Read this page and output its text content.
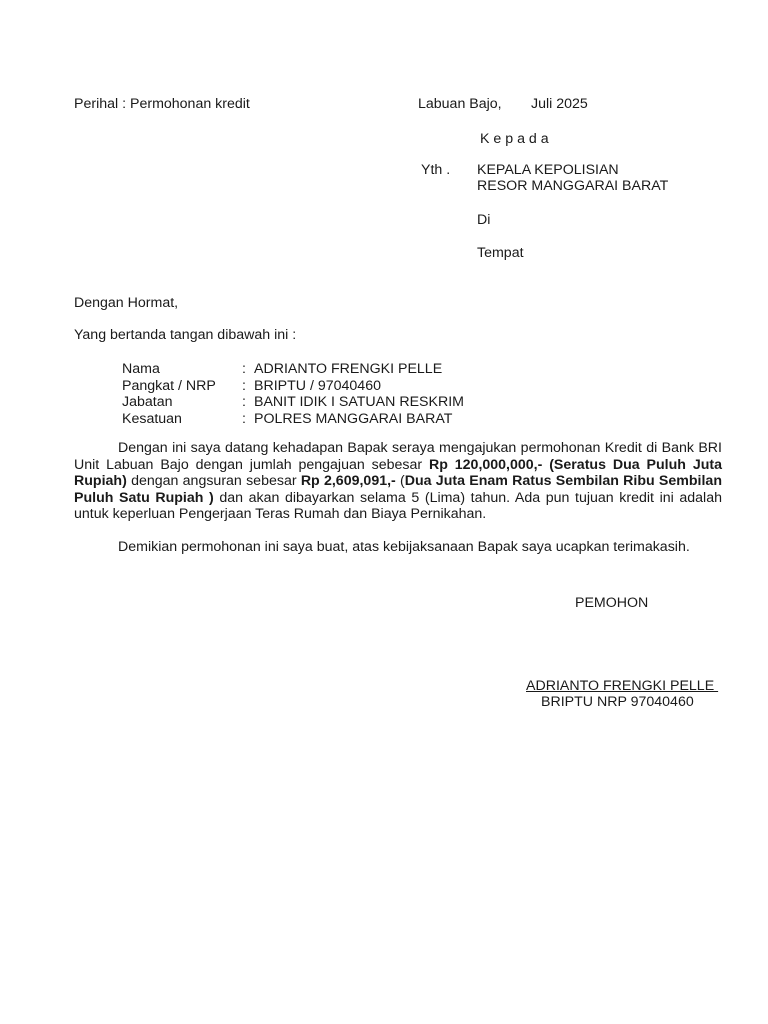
Perihal : Permohonan kredit	Labuan Bajo, Juli 2025
K e p a d a
Yth . KEPALA KEPOLISIAN
RESOR MANGGARAI BARAT
Di
Tempat
Dengan Hormat,
Yang bertanda tangan dibawah ini :
Nama	:	ADRIANTO FRENGKI PELLE
Pangkat / NRP	:	BRIPTU / 97040460
Jabatan	:	BANIT IDIK I SATUAN RESKRIM
Kesatuan	:	POLRES MANGGARAI BARAT
Dengan ini saya datang kehadapan Bapak seraya mengajukan permohonan Kredit di Bank BRI Unit Labuan Bajo dengan jumlah pengajuan sebesar Rp 120,000,000,- (Seratus Dua Puluh Juta Rupiah) dengan angsuran sebesar Rp 2,609,091,- (Dua Juta Enam Ratus Sembilan Ribu Sembilan Puluh Satu Rupiah ) dan akan dibayarkan selama 5 (Lima) tahun. Ada pun tujuan kredit ini adalah untuk keperluan Pengerjaan Teras Rumah dan Biaya Pernikahan.
Demikian permohonan ini saya buat, atas kebijaksanaan Bapak saya ucapkan terimakasih.
PEMOHON
ADRIANTO FRENGKI PELLE
BRIPTU NRP 97040460
